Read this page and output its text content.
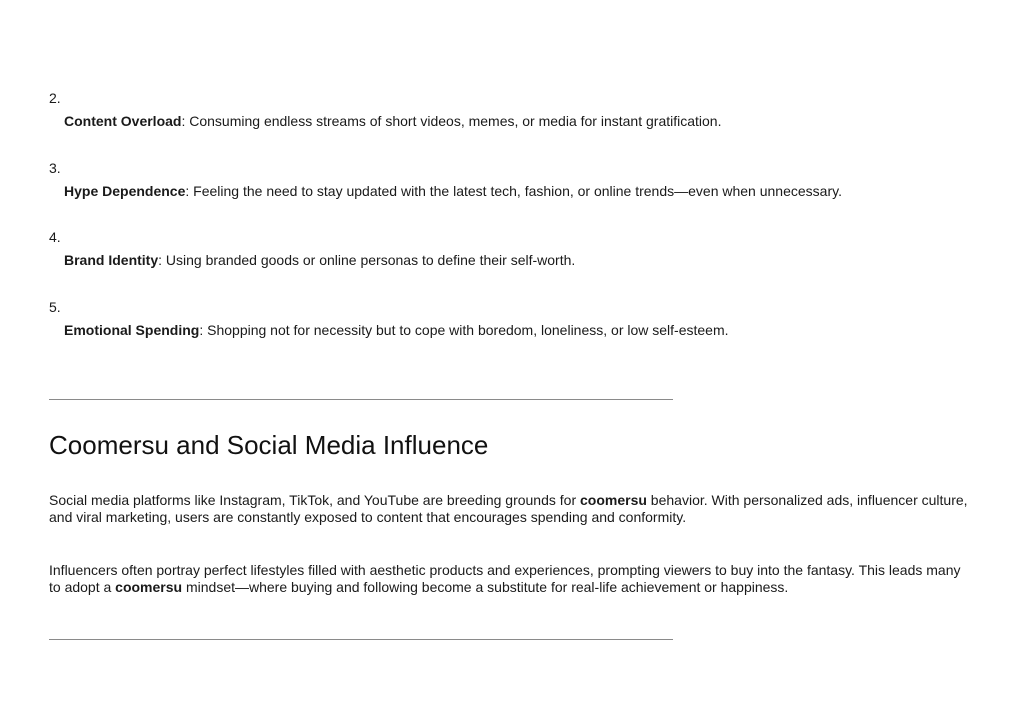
2.
Content Overload: Consuming endless streams of short videos, memes, or media for instant gratification.
3.
Hype Dependence: Feeling the need to stay updated with the latest tech, fashion, or online trends—even when unnecessary.
4.
Brand Identity: Using branded goods or online personas to define their self-worth.
5.
Emotional Spending: Shopping not for necessity but to cope with boredom, loneliness, or low self-esteem.
Coomersu and Social Media Influence

Social media platforms like Instagram, TikTok, and YouTube are breeding grounds for coomersu behavior. With personalized ads, influencer culture, and viral marketing, users are constantly exposed to content that encourages spending and conformity.

Influencers often portray perfect lifestyles filled with aesthetic products and experiences, prompting viewers to buy into the fantasy. This leads many to adopt a coomersu mindset—where buying and following become a substitute for real-life achievement or happiness.
